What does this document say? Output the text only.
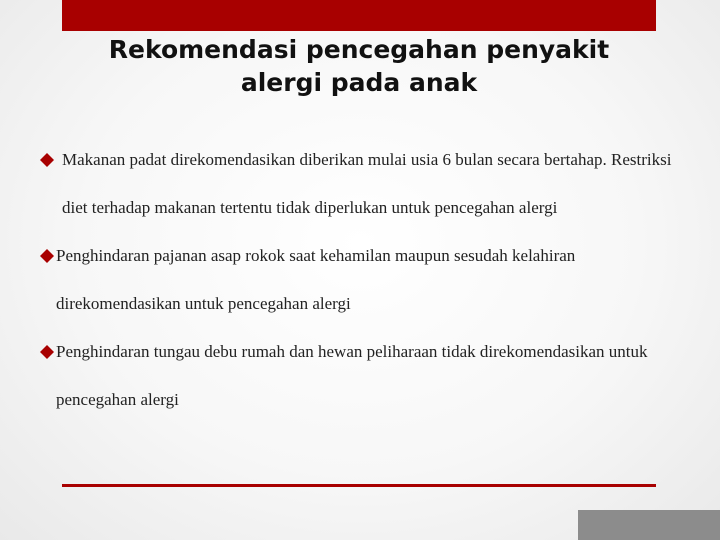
Rekomendasi pencegahan penyakit
alergi pada anak
Makanan padat direkomendasikan diberikan mulai usia 6 bulan secara bertahap. Restriksi diet terhadap makanan tertentu tidak diperlukan untuk pencegahan alergi
Penghindaran pajanan asap rokok saat kehamilan maupun sesudah kelahiran direkomendasikan untuk pencegahan alergi
Penghindaran tungau debu rumah dan hewan peliharaan tidak direkomendasikan untuk pencegahan alergi
